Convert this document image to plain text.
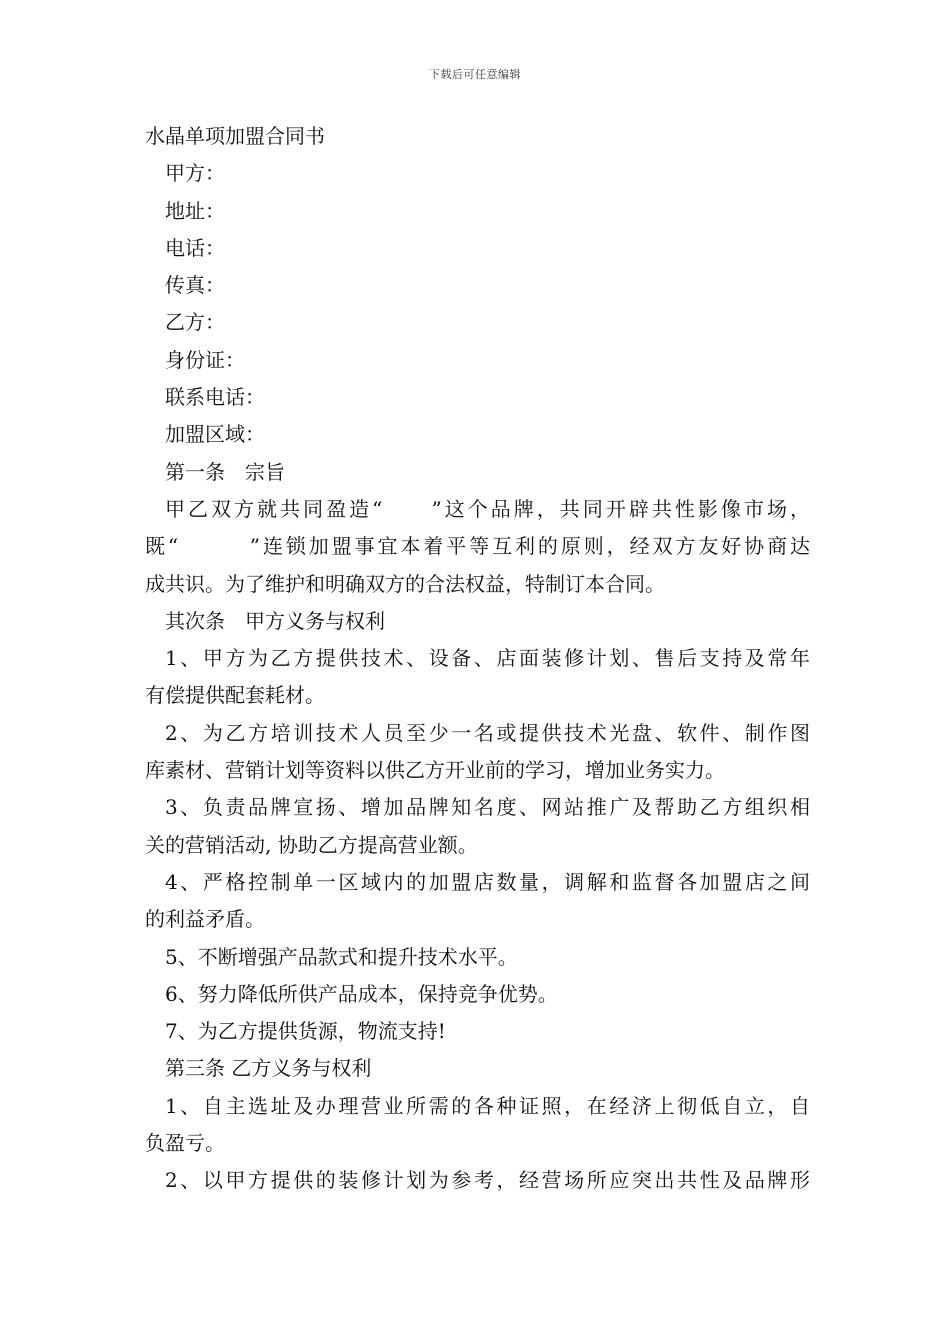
下载后可任意编辑
水晶单项加盟合同书
甲方：
地址：
电话：
传真：
乙方：
身份证：
联系电话：
加盟区域：
第一条　宗旨
甲乙双方就共同盈造“　　”这个品牌，共同开辟共性影像市场，
既“　　　”连锁加盟事宜本着平等互利的原则，经双方友好协商达
成共识。为了维护和明确双方的合法权益，特制订本合同。
其次条　甲方义务与权利
1、甲方为乙方提供技术、设备、店面装修计划、售后支持及常年
有偿提供配套耗材。
2、为乙方培训技术人员至少一名或提供技术光盘、软件、制作图
库素材、营销计划等资料以供乙方开业前的学习，增加业务实力。
3、负责品牌宣扬、增加品牌知名度、网站推广及帮助乙方组织相
关的营销活动, 协助乙方提高营业额。
4、严格控制单一区域内的加盟店数量，调解和监督各加盟店之间
的利益矛盾。
5、不断增强产品款式和提升技术水平。
6、努力降低所供产品成本，保持竞争优势。
7、为乙方提供货源，物流支持!
第三条 乙方义务与权利
1、自主选址及办理营业所需的各种证照，在经济上彻低自立，自
负盈亏。
2、以甲方提供的装修计划为参考，经营场所应突出共性及品牌形
